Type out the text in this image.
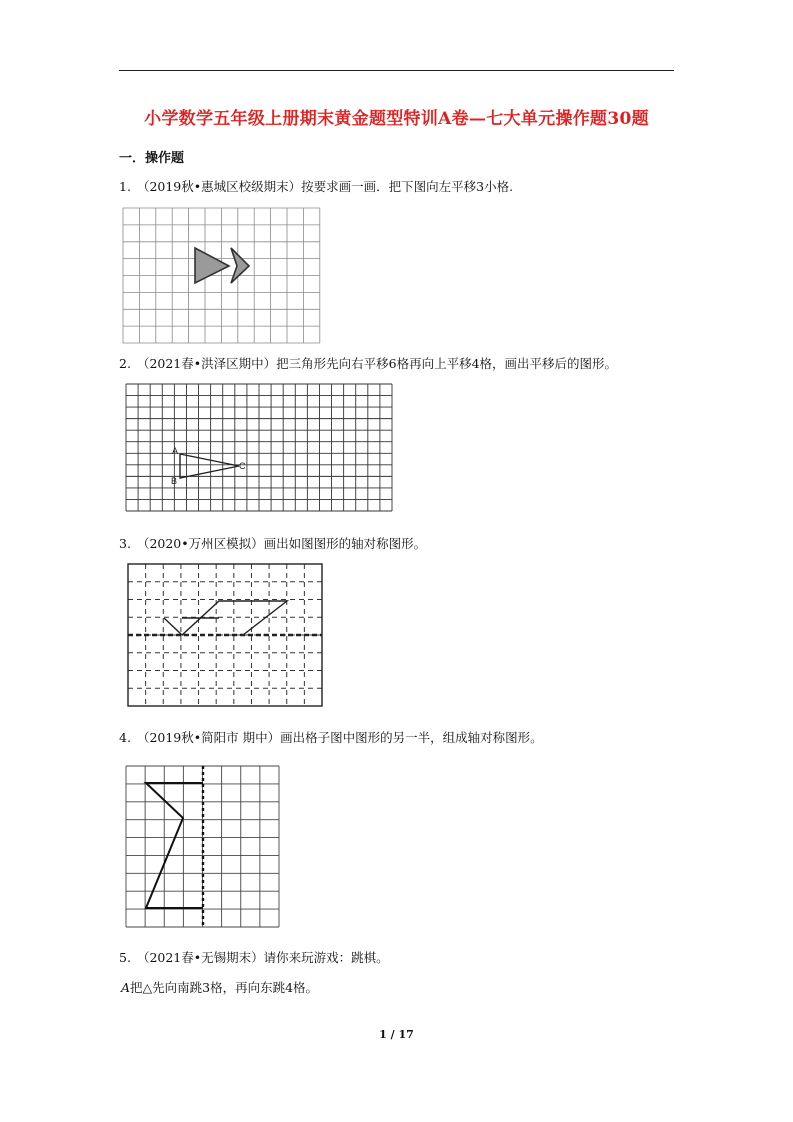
小学数学五年级上册期末黄金题型特训A卷—七大单元操作题30题
一．操作题
1. （2019秋•惠城区校级期末）按要求画一画．把下图向左平移3小格.
2. （2021春•洪泽区期中）把三角形先向右平移6格再向上平移4格，画出平移后的图形。
A
B
C
3. （2020•万州区模拟）画出如图图形的轴对称图形。
4. （2019秋•简阳市 期中）画出格子图中图形的另一半，组成轴对称图形。
5. （2021春•无锡期末）请你来玩游戏：跳棋。
A把△先向南跳3格，再向东跳4格。
1 / 17
